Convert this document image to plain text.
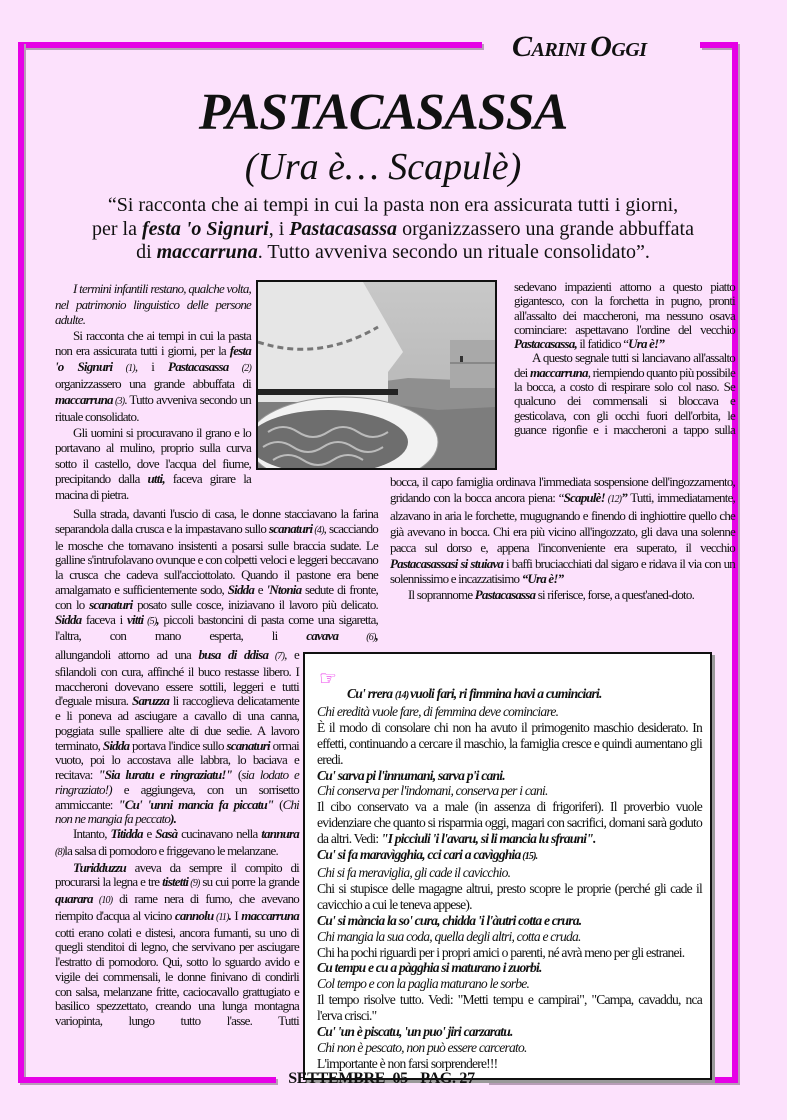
CARINI OGGI
PASTACASASSA
(Ura è… Scapulè)

“Si racconta che ai tempi in cui la pasta non era assicurata tutti i giorni,

per la festa 'o Signuri, i Pastacasassa organizzassero una grande abbuffata

di maccarruna. Tutto avveniva secondo un rituale consolidato”.

I termini infantili restano, qualche volta, nel patrimonio linguistico delle persone adulte.

Si racconta che ai tempi in cui la pasta non era assicurata tutti i giorni, per la festa 'o Signuri (1), i Pastacasassa (2) organizzassero una grande abbuffata di maccarruna (3). Tutto avveniva secondo un rituale consolidato.

Gli uomini si procuravano il grano e lo portavano al mulino, proprio sulla curva sotto il castello, dove l'acqua del fiume, precipitando dalla utti, faceva girare la macina di pietra.

sedevano impazienti attorno a questo piatto gigantesco, con la forchetta in pugno, pronti all'assalto dei maccheroni, ma nessuno osava cominciare: aspettavano l'ordine del vecchio Pastacasassa, il fatidico “Ura è!”

A questo segnale tutti si lanciavano all'assalto dei maccarruna, riempiendo quanto più possibile la bocca, a costo di respirare solo col naso. Se qualcuno dei commensali si bloccava e gesticolava, con gli occhi fuori dell'orbita, le guance rigonfie e i maccheroni a tappo sulla

bocca, il capo famiglia ordinava l'immediata sospensione dell'ingozzamento, gridando con la bocca ancora piena: “Scapulè! (12)” Tutti, immediatamente, alzavano in aria le forchette, mugugnando e finendo di inghiottire quello che già avevano in bocca. Chi era più vicino all'ingozzato, gli dava una solenne pacca sul dorso e, appena l'inconveniente era superato, il vecchio Pastacasassasi si stuiava i baffi bruciacchiati dal sigaro e ridava il via con un solennissimo e incazzatisimo “Ura è!”

Il soprannome Pastacasassa si riferisce, forse, a quest'aned-doto.

Sulla strada, davanti l'uscio di casa, le donne stacciavano la farina separandola dalla crusca e la impastavano sullo scanaturi (4), scacciando le mosche che tornavano insistenti a posarsi sulle braccia sudate. Le galline s'intrufolavano ovunque e con colpetti veloci e leggeri beccavano la crusca che cadeva sull'acciottolato. Quando il pastone era bene amalgamato e sufficientemente sodo, Sidda e 'Ntonia sedute di fronte, con lo scanaturi posato sulle cosce, iniziavano il lavoro più delicato. Sidda faceva i vitti (5), piccoli bastoncini di pasta come una sigaretta, l'altra, con mano esperta, li cavava (6),

allungandoli attorno ad una busa di ddisa (7), e sfilandoli con cura, affinché il buco restasse libero. I maccheroni dovevano essere sottili, leggeri e tutti d'eguale misura. Saruzza li raccoglieva delicatamente e li poneva ad asciugare a cavallo di una canna, poggiata sulle spalliere alte di due sedie. A lavoro terminato, Sidda portava l'indice sullo scanaturi ormai vuoto, poi lo accostava alle labbra, lo baciava e recitava: "Sia luratu e ringraziatu!" (sia lodato e ringraziato!) e aggiungeva, con un sorrisetto ammiccante: "Cu' 'unni mancia fa piccatu" (Chi non ne mangia fa peccato).

Intanto, Titidda e Sasà cucinavano nella tannura (8)la salsa di pomodoro e friggevano le melanzane.

Turidduzzu aveva da sempre il compito di procurarsi la legna e tre tistetti (9) su cui porre la grande quarara (10) di rame nera di fumo, che avevano riempito d'acqua al vicino cannolu (11). I maccarruna cotti erano colati e distesi, ancora fumanti, su uno di quegli stenditoi di legno, che servivano per asciugare l'estratto di pomodoro. Qui, sotto lo sguardo avido e vigile dei commensali, le donne finivano di condirli con salsa, melanzane fritte, caciocavallo grattugiato e basilico spezzettato, creando una lunga montagna variopinta, lungo tutto l'asse. Tutti

☞

Cu' rrera (14) vuoli fari, ri fimmina havi a cuminciari.

Chi eredità vuole fare, di femmina deve cominciare.

È il modo di consolare chi non ha avuto il primogenito maschio desiderato. In effetti, continuando a cercare il maschio, la famiglia cresce e quindi aumentano gli eredi.

Cu' sarva pi l'innumani, sarva p'i cani.

Chi conserva per l'indomani, conserva per i cani.

Il cibo conservato va a male (in assenza di frigoriferi). Il proverbio vuole evidenziare che quanto si risparmia oggi, magari con sacrifici, domani sarà goduto da altri. Vedi: "I picciuli 'i l'avaru, si li mancia lu sfrauni".

Cu' si fa maravìgghia, cci cari a cavìgghia (15).

Chi si fa meraviglia, gli cade il cavicchio.

Chi si stupisce delle magagne altrui, presto scopre le proprie (perché gli cade il cavicchio a cui le teneva appese).

Cu' si mància la so' cura, chidda 'i l'àutri cotta e crura.

Chi mangia la sua coda, quella degli altri, cotta e cruda.

Chi ha pochi riguardi per i propri amici o parenti, né avrà meno per gli estranei.

Cu tempu e cu a pàgghia si maturano i zuorbi.

Col tempo e con la paglia maturano le sorbe.

Il tempo risolve tutto. Vedi: "Metti tempu e campirai", "Campa, cavaddu, nca l'erva crisci."

Cu' 'un è piscatu, 'un puo' jiri carzaratu.

Chi non è pescato, non può essere carcerato.

L'importante è non farsi sorprendere!!!

SETTEMBRE  05 - PAG. 27
